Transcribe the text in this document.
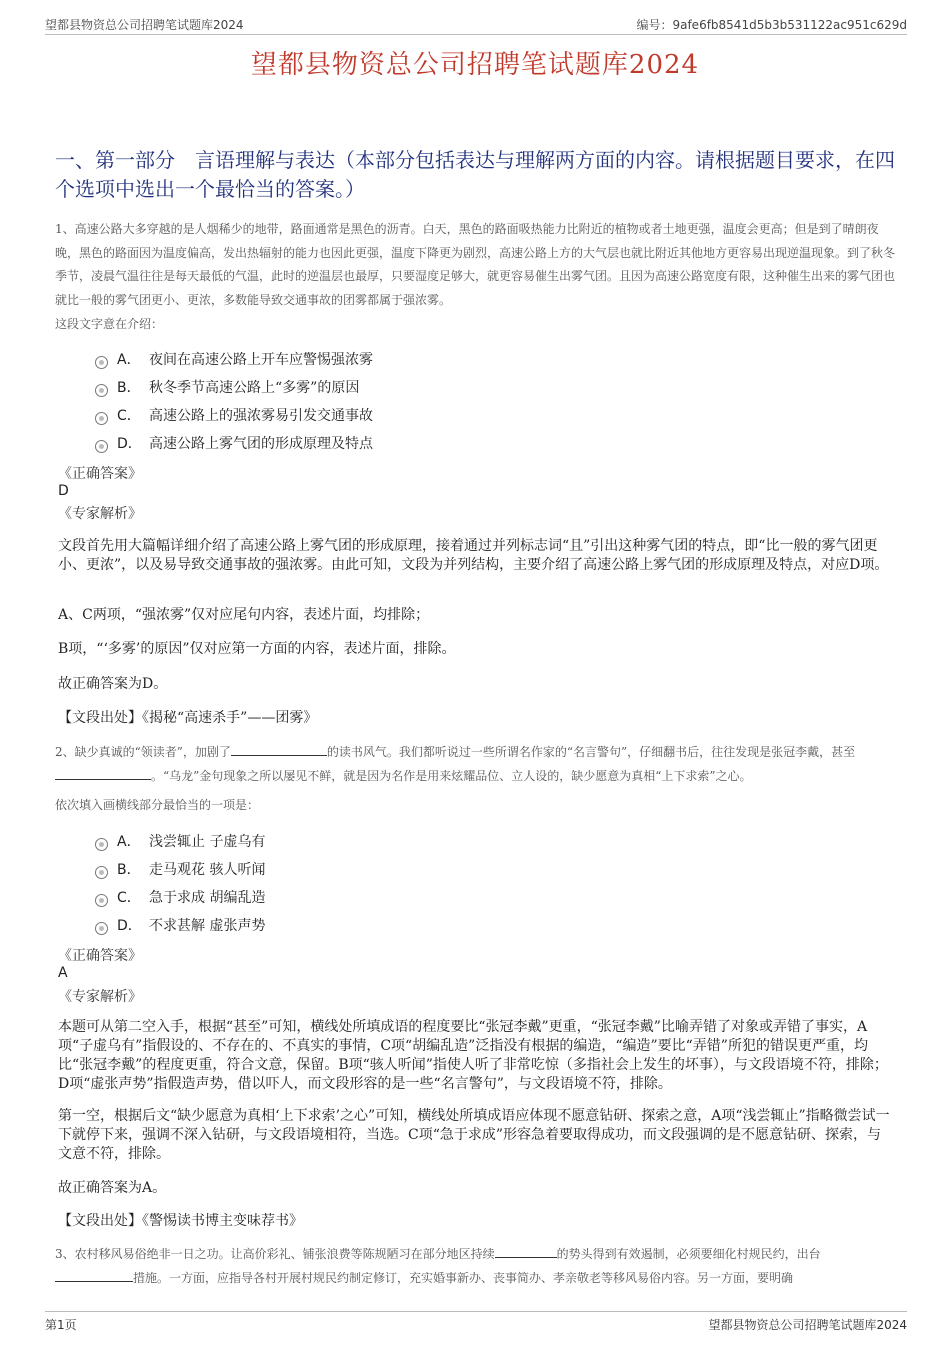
望都县物资总公司招聘笔试题库2024	编号：9afe6fb8541d5b3b531122ac951c629d
望都县物资总公司招聘笔试题库2024
一、第一部分　言语理解与表达（本部分包括表达与理解两方面的内容。请根据题目要求，在四个选项中选出一个最恰当的答案。）
1、高速公路大多穿越的是人烟稀少的地带，路面通常是黑色的沥青。白天，黑色的路面吸热能力比附近的植物或者土地更强，温度会更高；但是到了晴朗夜晚，黑色的路面因为温度偏高，发出热辐射的能力也因此更强，温度下降更为剧烈，高速公路上方的大气层也就比附近其他地方更容易出现逆温现象。到了秋冬季节，凌晨气温往往是每天最低的气温，此时的逆温层也最厚，只要湿度足够大，就更容易催生出雾气团。且因为高速公路宽度有限，这种催生出来的雾气团也就比一般的雾气团更小、更浓，多数能导致交通事故的团雾都属于强浓雾。
这段文字意在介绍：
A． 夜间在高速公路上开车应警惕强浓雾
B． 秋冬季节高速公路上“多雾”的原因
C． 高速公路上的强浓雾易引发交通事故
D． 高速公路上雾气团的形成原理及特点
《正确答案》
D
《专家解析》
文段首先用大篇幅详细介绍了高速公路上雾气团的形成原理，接着通过并列标志词“且”引出这种雾气团的特点，即“比一般的雾气团更小、更浓”，以及易导致交通事故的强浓雾。由此可知，文段为并列结构，主要介绍了高速公路上雾气团的形成原理及特点，对应D项。
A、C两项，“强浓雾”仅对应尾句内容，表述片面，均排除；
B项，“‘多雾’的原因”仅对应第一方面的内容，表述片面，排除。
故正确答案为D。
【文段出处】《揭秘“高速杀手”——团雾》
2、缺少真诚的“领读者”，加剧了	的读书风气。我们都听说过一些所谓名作家的“名言警句”，仔细翻书后，往往发现是张冠李戴，甚至。“乌龙”金句现象之所以屡见不鲜，就是因为名作是用来炫耀品位、立人设的，缺少愿意为真相“上下求索”之心。
依次填入画横线部分最恰当的一项是：
A． 浅尝辄止 子虚乌有
B． 走马观花 骇人听闻
C． 急于求成 胡编乱造
D． 不求甚解 虚张声势
《正确答案》
A
《专家解析》
本题可从第二空入手，根据“甚至”可知，横线处所填成语的程度要比“张冠李戴”更重，“张冠李戴”比喻弄错了对象或弄错了事实，A项“子虚乌有”指假设的、不存在的、不真实的事情，C项“胡编乱造”泛指没有根据的编造，“编造”要比“弄错”所犯的错误更严重，均比“张冠李戴”的程度更重，符合文意，保留。B项“骇人听闻”指使人听了非常吃惊（多指社会上发生的坏事），与文段语境不符，排除；D项“虚张声势”指假造声势，借以吓人，而文段形容的是一些“名言警句”，与文段语境不符，排除。
第一空，根据后文“缺少愿意为真相‘上下求索’之心”可知，横线处所填成语应体现不愿意钻研、探索之意，A项“浅尝辄止”指略微尝试一下就停下来，强调不深入钻研，与文段语境相符，当选。C项“急于求成”形容急着要取得成功，而文段强调的是不愿意钻研、探索，与文意不符，排除。
故正确答案为A。
【文段出处】《警惕读书博主变味荐书》
3、农村移风易俗绝非一日之功。让高价彩礼、铺张浪费等陈规陋习在部分地区持续	的势头得到有效遏制，必须要细化村规民约，出台措施。一方面，应指导各村开展村规民约制定修订，充实婚事新办、丧事简办、孝亲敬老等移风易俗内容。另一方面，要明确
第1页	望都县物资总公司招聘笔试题库2024
